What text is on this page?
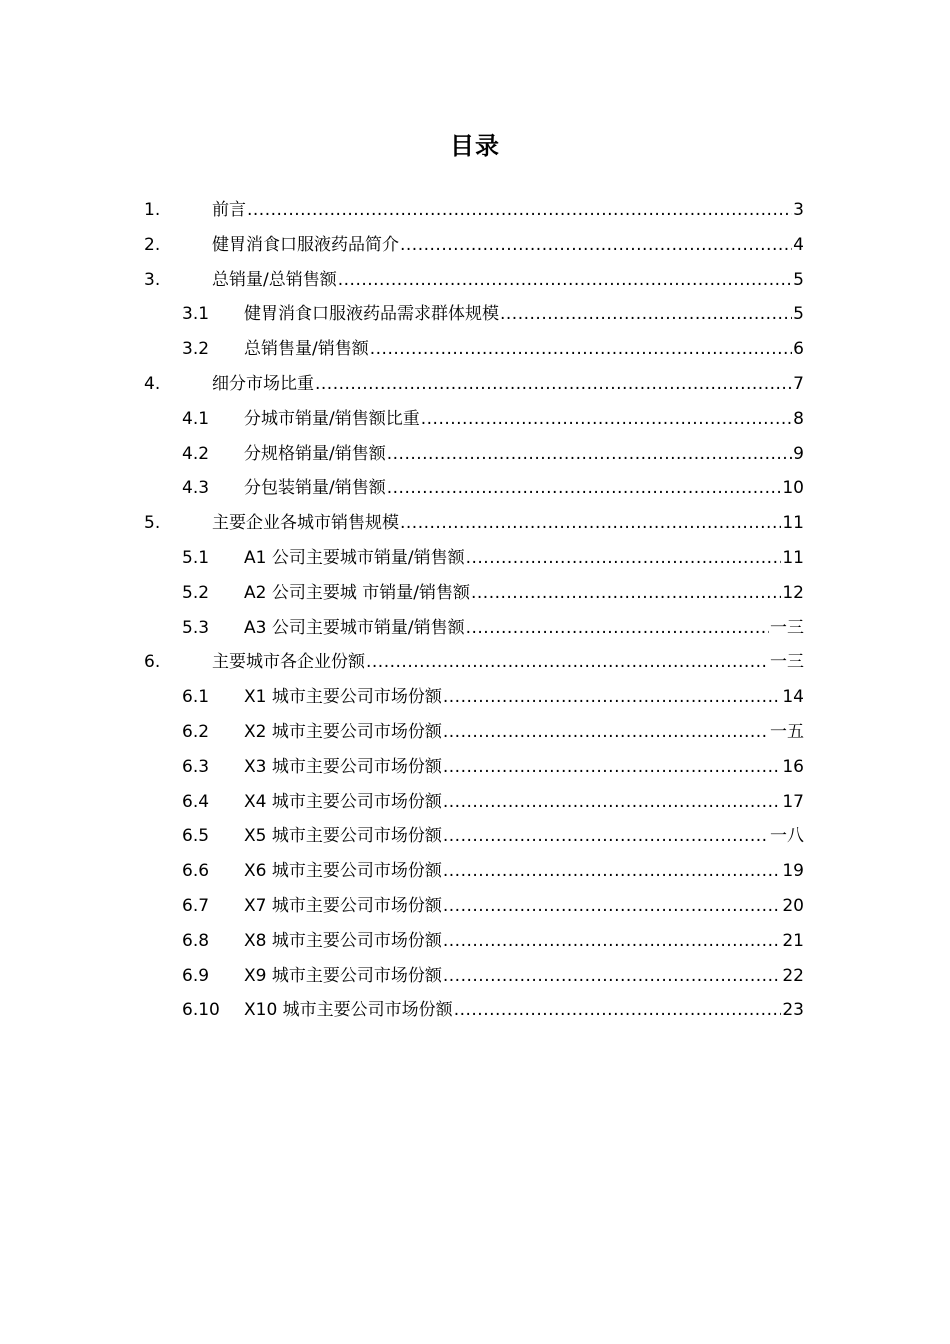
目录
1.	前言 .....	3
2.	健胃消食口服液药品简介 .....	4
3.	总销量/总销售额 .....	5
3.1 健胃消食口服液药品需求群体规模 .....	5
3.2 总销售量/销售额 .....	6
4.	细分市场比重 .....	7
4.1 分城市销量/销售额比重 .....	8
4.2 分规格销量/销售额 .....	9
4.3 分包装销量/销售额 .....	10
5.	主要企业各城市销售规模 .....	11
5.1 A1 公司主要城市销量/销售额 .....	11
5.2 A2 公司主要城 市销量/销售额 .....	12
5.3 A3 公司主要城市销量/销售额 .....	一三
6.	主要城市各企业份额 .....	一三
6.1 X1 城市主要公司市场份额 .....	14
6.2 X2 城市主要公司市场份额 .....	一五
6.3 X3 城市主要公司市场份额 .....	16
6.4 X4 城市主要公司市场份额 .....	17
6.5 X5 城市主要公司市场份额 .....	一八
6.6 X6 城市主要公司市场份额 .....	19
6.7 X7 城市主要公司市场份额 .....	20
6.8 X8 城市主要公司市场份额 .....	21
6.9 X9 城市主要公司市场份额 .....	22
6.10 X10 城市主要公司市场份额 .....	23
